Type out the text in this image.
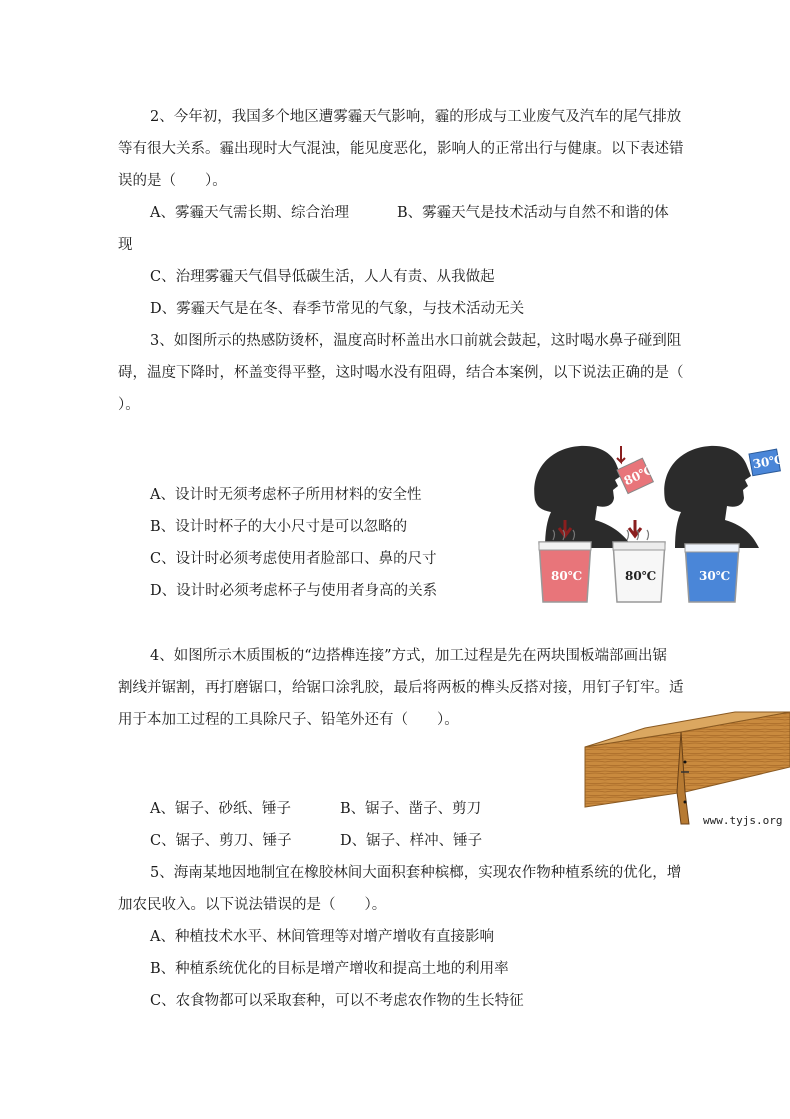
2、今年初，我国多个地区遭雾霾天气影响，霾的形成与工业废气及汽车的尾气排放
等有很大关系。霾出现时大气混浊，能见度恶化，影响人的正常出行与健康。以下表述错
误的是（　　）。
A、雾霾天气需长期、综合治理	B、雾霾天气是技术活动与自然不和谐的体
现
C、治理雾霾天气倡导低碳生活，人人有责、从我做起
D、雾霾天气是在冬、春季节常见的气象，与技术活动无关
3、如图所示的热感防烫杯，温度高时杯盖出水口前就会鼓起，这时喝水鼻子碰到阻
碍，温度下降时，杯盖变得平整，这时喝水没有阻碍，结合本案例，以下说法正确的是（
）。
A、设计时无须考虑杯子所用材料的安全性
B、设计时杯子的大小尺寸是可以忽略的
C、设计时必须考虑使用者脸部口、鼻的尺寸
D、设计时必须考虑杯子与使用者身高的关系
80℃
30℃
80℃	80℃	30℃
4、如图所示木质围板的“边搭榫连接”方式，加工过程是先在两块围板端部画出锯
割线并锯割，再打磨锯口，给锯口涂乳胶，最后将两板的榫头反搭对接，用钉子钉牢。适
用于本加工过程的工具除尺子、铅笔外还有（　　）。
www.tyjs.org
A、锯子、砂纸、锤子	B、锯子、凿子、剪刀
C、锯子、剪刀、锤子	D、锯子、样冲、锤子
5、海南某地因地制宜在橡胶林间大面积套种槟榔，实现农作物种植系统的优化，增
加农民收入。以下说法错误的是（　　）。
A、种植技术水平、林间管理等对增产增收有直接影响
B、种植系统优化的目标是增产增收和提高土地的利用率
C、农食物都可以采取套种，可以不考虑农作物的生长特征
